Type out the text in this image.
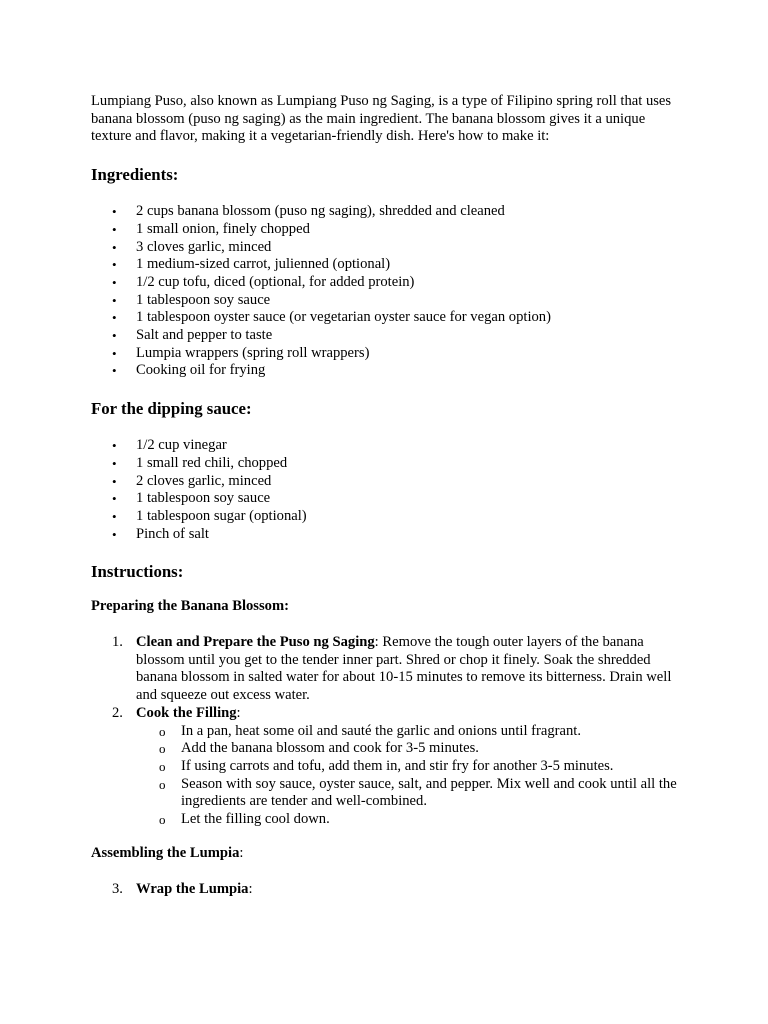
Lumpiang Puso, also known as Lumpiang Puso ng Saging, is a type of Filipino spring roll that uses banana blossom (puso ng saging) as the main ingredient. The banana blossom gives it a unique texture and flavor, making it a vegetarian-friendly dish. Here's how to make it:

Ingredients:
• 2 cups banana blossom (puso ng saging), shredded and cleaned
• 1 small onion, finely chopped
• 3 cloves garlic, minced
• 1 medium-sized carrot, julienned (optional)
• 1/2 cup tofu, diced (optional, for added protein)
• 1 tablespoon soy sauce
• 1 tablespoon oyster sauce (or vegetarian oyster sauce for vegan option)
• Salt and pepper to taste
• Lumpia wrappers (spring roll wrappers)
• Cooking oil for frying
For the dipping sauce:
• 1/2 cup vinegar
• 1 small red chili, chopped
• 2 cloves garlic, minced
• 1 tablespoon soy sauce
• 1 tablespoon sugar (optional)
• Pinch of salt
Instructions:
Preparing the Banana Blossom:
1. Clean and Prepare the Puso ng Saging: Remove the tough outer layers of the banana blossom until you get to the tender inner part. Shred or chop it finely. Soak the shredded banana blossom in salted water for about 10-15 minutes to remove its bitterness. Drain well and squeeze out excess water.
2. Cook the Filling:
o In a pan, heat some oil and sauté the garlic and onions until fragrant.
o Add the banana blossom and cook for 3-5 minutes.
o If using carrots and tofu, add them in, and stir fry for another 3-5 minutes.
o Season with soy sauce, oyster sauce, salt, and pepper. Mix well and cook until all the ingredients are tender and well-combined.
o Let the filling cool down.
Assembling the Lumpia:
3. Wrap the Lumpia:
